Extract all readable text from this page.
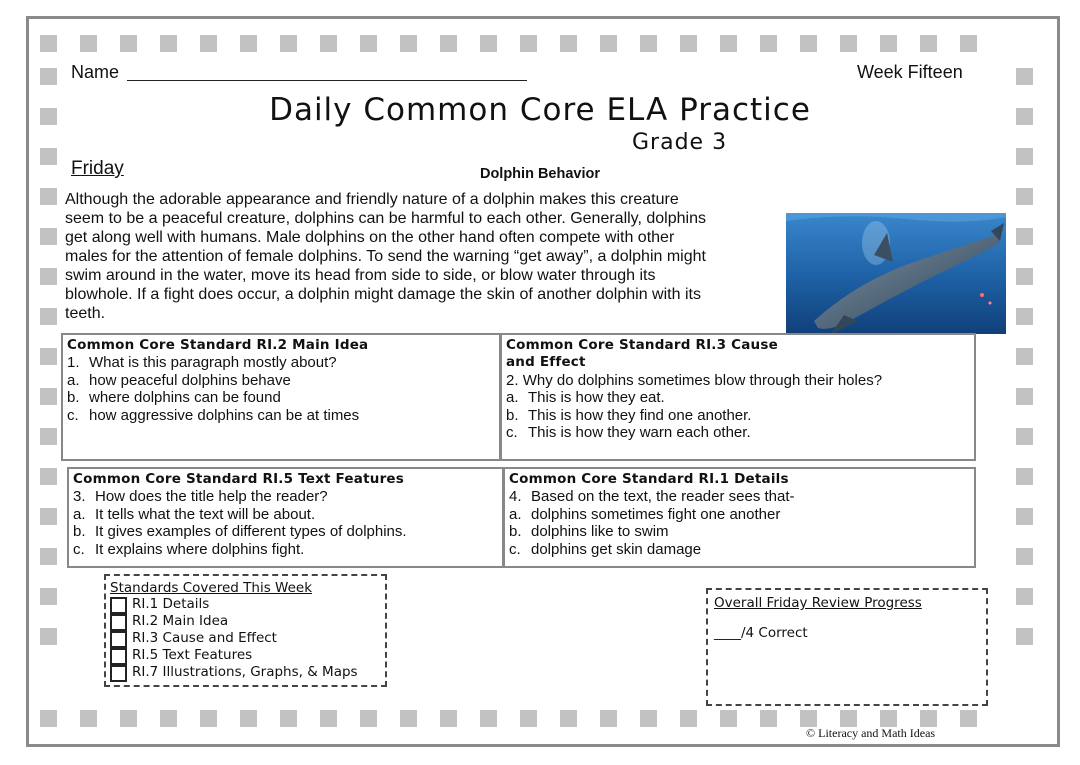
Name	Week Fifteen
Daily Common Core ELA Practice
Grade 3
Friday	Dolphin Behavior
Although the adorable appearance and friendly nature of a dolphin makes this creature seem to be a peaceful creature, dolphins can be harmful to each other. Generally, dolphins get along well with humans. Male dolphins on the other hand often compete with other males for the attention of female dolphins. To send the warning “get away”, a dolphin might swim around in the water, move its head from side to side, or blow water through its blowhole. If a fight does occur, a dolphin might damage the skin of another dolphin with its teeth.
Common Core Standard RI.2 Main Idea
1. What is this paragraph mostly about?
a. how peaceful dolphins behave
b. where dolphins can be found
c. how aggressive dolphins can be at times
Common Core Standard RI.3 Cause
and Effect
2. Why do dolphins sometimes blow through their holes?
a. This is how they eat.
b. This is how they find one another.
c. This is how they warn each other.
Common Core Standard RI.5 Text Features
3. How does the title help the reader?
a. It tells what the text will be about.
b. It gives examples of different types of dolphins.
c. It explains where dolphins fight.
Common Core Standard RI.1 Details
4. Based on the text, the reader sees that-
a. dolphins sometimes fight one another
b. dolphins like to swim
c. dolphins get skin damage
Standards Covered This Week
RI.1 Details
RI.2 Main Idea
RI.3 Cause and Effect
RI.5 Text Features
RI.7 Illustrations, Graphs, & Maps
Overall Friday Review Progress
____/4 Correct
© Literacy and Math Ideas
